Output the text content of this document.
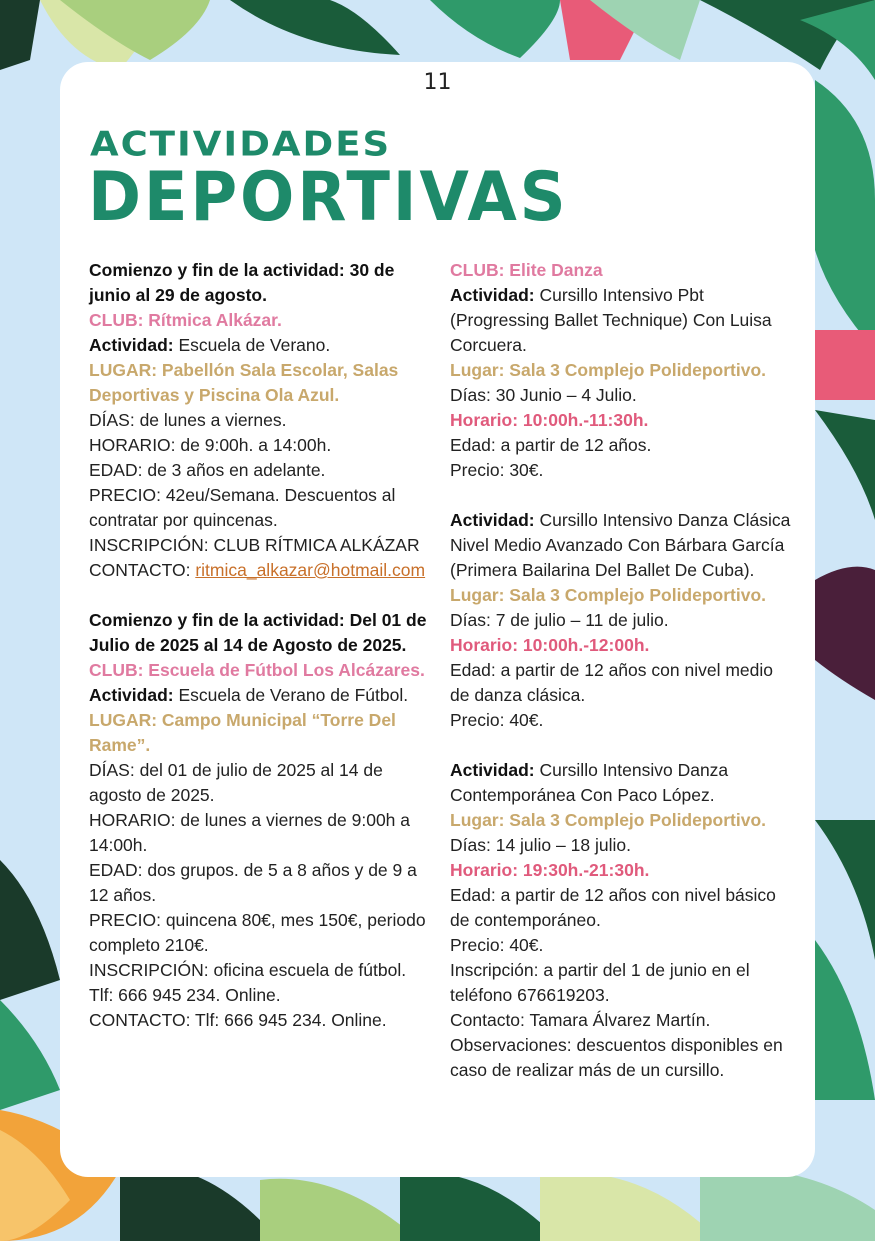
11
ACTIVIDADES
DEPORTIVAS

Comienzo y fin de la actividad: 30 de junio al 29 de agosto.

CLUB: Rítmica Alkázar.

Actividad: Escuela de Verano.

LUGAR: Pabellón Sala Escolar, Salas Deportivas y Piscina Ola Azul.

DÍAS: de lunes a viernes.

HORARIO: de 9:00h. a 14:00h.

EDAD: de 3 años en adelante.

PRECIO: 42eu/Semana. Descuentos al contratar por quincenas.

INSCRIPCIÓN: CLUB RÍTMICA ALKÁZAR

CONTACTO: ritmica_alkazar@hotmail.com

Comienzo y fin de la actividad: Del 01 de Julio de 2025 al 14 de Agosto de 2025.

CLUB: Escuela de Fútbol Los Alcázares.

Actividad: Escuela de Verano de Fútbol.

LUGAR: Campo Municipal “Torre Del Rame”.

DÍAS: del 01 de julio de 2025 al 14 de agosto de 2025.

HORARIO: de lunes a viernes de 9:00h a 14:00h.

EDAD: dos grupos. de 5 a 8 años y de 9 a 12 años.

PRECIO: quincena 80€, mes 150€, periodo completo 210€.

INSCRIPCIÓN: oficina escuela de fútbol. Tlf: 666 945 234. Online.

CONTACTO: Tlf: 666 945 234. Online.

CLUB: Elite Danza

Actividad: Cursillo Intensivo Pbt (Progressing Ballet Technique) Con Luisa Corcuera.

Lugar: Sala 3 Complejo Polideportivo.

Días: 30 Junio – 4 Julio.

Horario: 10:00h.-11:30h.

Edad: a partir de 12 años.

Precio: 30€.

Actividad: Cursillo Intensivo Danza Clásica Nivel Medio Avanzado Con Bárbara García (Primera Bailarina Del Ballet De Cuba).

Lugar: Sala 3 Complejo Polideportivo.

Días: 7 de julio – 11 de julio.

Horario: 10:00h.-12:00h.

Edad: a partir de 12 años con nivel medio de danza clásica.

Precio: 40€.

Actividad: Cursillo Intensivo Danza Contemporánea Con Paco López.

Lugar: Sala 3 Complejo Polideportivo.

Días: 14 julio – 18 julio.

Horario: 19:30h.-21:30h.

Edad: a partir de 12 años con nivel básico de contemporáneo.

Precio: 40€.

Inscripción: a partir del 1 de junio en el teléfono 676619203.

Contacto: Tamara Álvarez Martín.

Observaciones: descuentos disponibles en caso de realizar más de un cursillo.
